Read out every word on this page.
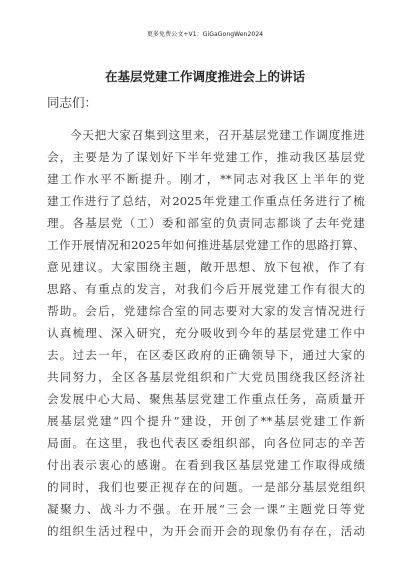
更多免费公文+V1：GiGaGongWen2024
在基层党建工作调度推进会上的讲话
同志们：
今 天 把 大 家 召 集 到 这 里 来 ， 召 开 基 层 党 建 工 作 调 度 推 进
会 ， 主 要 是 为 了 谋 划 好 下 半 年 党 建 工 作 ， 推 动 我 区 基 层 党
建 工 作 水 平 不 断 提 升 。 刚 才 ， ** 同 志 对 我 区 上 半 年 的 党
建 工 作 进 行 了 总 结 ， 对 2025 年 党 建 工 作 重 点 任 务 进 行 了 梳
理 。 各 基 层 党 （ 工 ） 委 和 部 室 的 负 责 同 志 都 谈 了 去 年 党 建
工 作 开 展 情 况 和 2025 年 如 何 推 进 基 层 党 建 工 作 的 思 路 打 算 、
意 见 建 议 。 大 家 围 绕 主 题 ， 敞 开 思 想 、 放 下 包 袱 ， 作 了 有
思 路 、 有 重 点 的 发 言 ， 对 我 们 今 后 开 展 党 建 工 作 有 很 大 的
帮 助 。 会 后 ， 党 建 综 合 室 的 同 志 要 对 大 家 的 发 言 情 况 进 行
认 真 梳 理 、 深 入 研 究 ， 充 分 吸 收 到 今 年 的 基 层 党 建 工 作 中
去 。 过 去 一 年 ， 在 区 委 区 政 府 的 正 确 领 导 下 ， 通 过 大 家 的
共 同 努 力 ， 全 区 各 基 层 党 组 织 和 广 大 党 员 围 绕 我 区 经 济 社
会 发 展 中 心 大 局 、 聚 焦 基 层 党 建 工 作 重 点 任 务 ， 高 质 量 开
展 基 层 党 建 “ 四 个 提 升 ” 建 设 ， 开 创 了 ** 基 层 党 建 工 作 新
局 面 。 在 这 里 ， 我 也 代 表 区 委 组 织 部 ， 向 各 位 同 志 的 辛 苦
付 出 表 示 衷 心 的 感 谢 。 在 看 到 我 区 基 层 党 建 工 作 取 得 成 绩
的 同 时 ， 我 们 也 要 正 视 存 在 的 问 题 。 一 是 部 分 基 层 党 组 织
凝 聚 力 、 战 斗 力 不 强 。 在 开 展 “ 三 会 一 课 ” 主 题 党 日 等 党
的 组 织 生 活 过 程 中 ， 为 开 会 而 开 会 的 现 象 仍 有 存 在 ， 活 动
